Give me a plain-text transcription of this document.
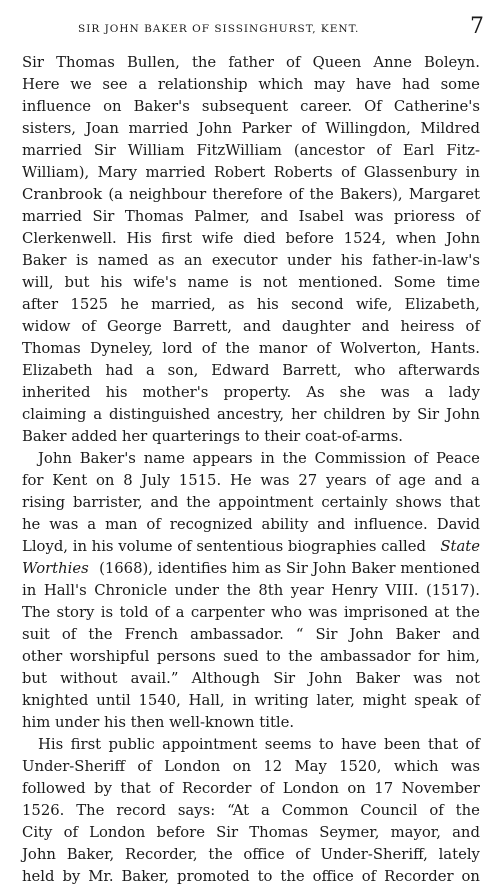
SIR JOHN BAKER OF SISSINGHURST, KENT.	7
Sir Thomas Bullen, the father of Queen Anne Boleyn.
Here we see a relationship which may have had some
influence on Baker's subsequent career. Of Catherine's
sisters, Joan married John Parker of Willingdon, Mildred
married Sir William FitzWilliam (ancestor of Earl Fitz-
William), Mary married Robert Roberts of Glassenbury in
Cranbrook (a neighbour therefore of the Bakers), Margaret
married Sir Thomas Palmer, and Isabel was prioress of
Clerkenwell. His first wife died before 1524, when John
Baker is named as an executor under his father-in-law's
will, but his wife's name is not mentioned. Some time
after 1525 he married, as his second wife, Elizabeth,
widow of George Barrett, and daughter and heiress of
Thomas Dyneley, lord of the manor of Wolverton, Hants.
Elizabeth had a son, Edward Barrett, who afterwards
inherited his mother's property. As she was a lady
claiming a distinguished ancestry, her children by Sir John
Baker added her quarterings to their coat-of-arms.
John Baker's name appears in the Commission of Peace
for Kent on 8 July 1515. He was 27 years of age and a
rising barrister, and the appointment certainly shows that
he was a man of recognized ability and influence. David
Lloyd, in his volume of sententious biographies called
State
Worthies (1668), identifies him as Sir John Baker mentioned
in Hall's Chronicle under the 8th year Henry VIII. (1517).
The story is told of a carpenter who was imprisoned at the
suit of the French ambassador. “ Sir John Baker and
other worshipful persons sued to the ambassador for him,
but without avail.” Although Sir John Baker was not
knighted until 1540, Hall, in writing later, might speak of
him under his then well-known title.
His first public appointment seems to have been that of
Under-Sheriff of London on 12 May 1520, which was
followed by that of Recorder of London on 17 November
1526. The record says: “At a Common Council of the
City of London before Sir Thomas Seymer, mayor, and
John Baker, Recorder, the office of Under-Sheriff, lately
held by Mr. Baker, promoted to the office of Recorder on
